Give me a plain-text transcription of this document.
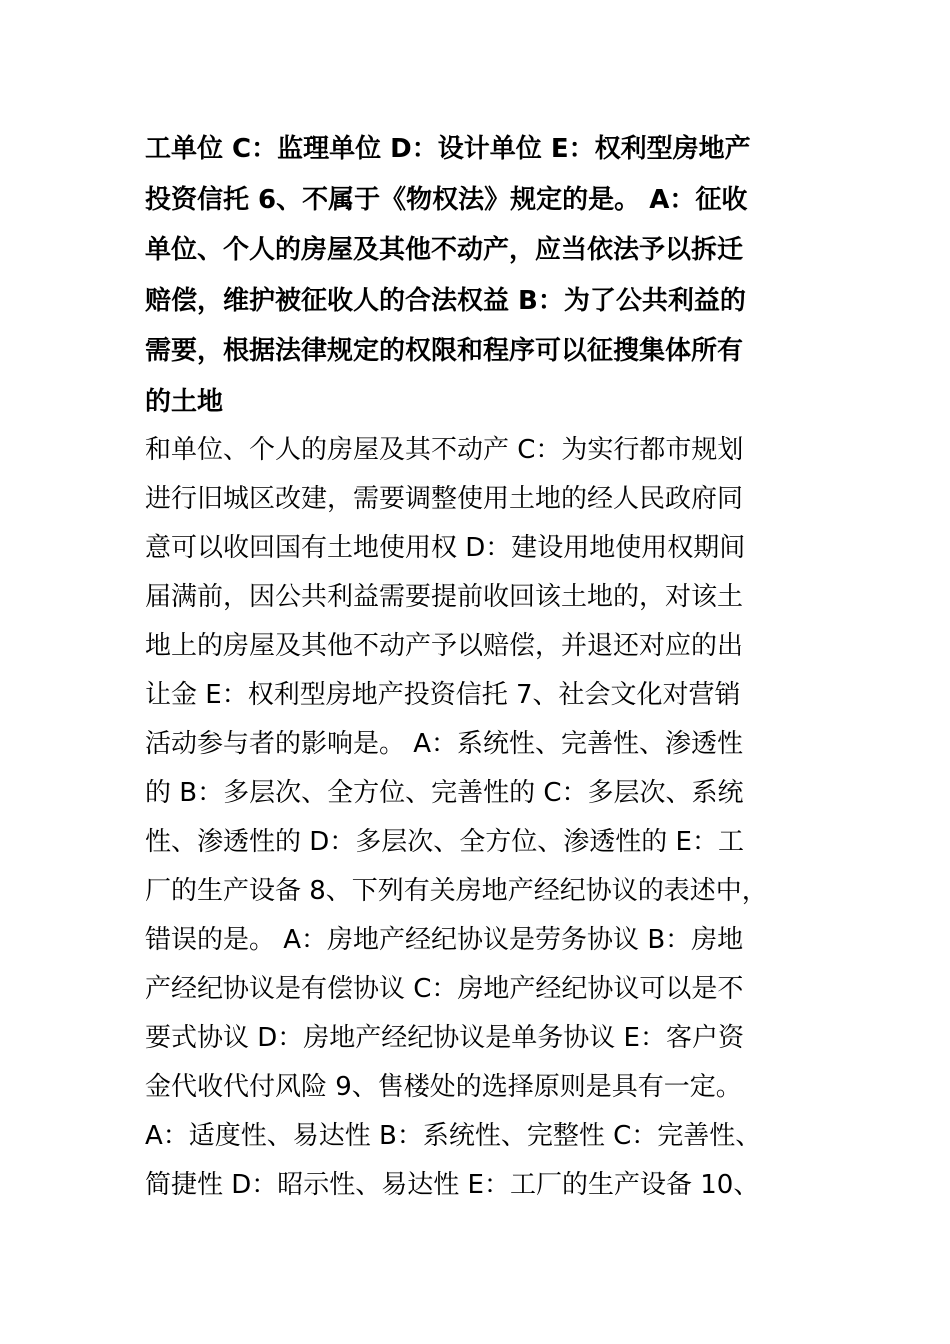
工单位 C：监理单位 D：设计单位 E：权利型房地产
投资信托 6、不属于《物权法》规定的是。 A：征收
单位、个人的房屋及其他不动产，应当依法予以拆迁
赔偿，维护被征收人的合法权益 B：为了公共利益的
需要，根据法律规定的权限和程序可以征搜集体所有
的土地
和单位、个人的房屋及其不动产 C：为实行都市规划
进行旧城区改建，需要调整使用土地的经人民政府同
意可以收回国有土地使用权 D：建设用地使用权期间
届满前，因公共利益需要提前收回该土地的，对该土
地上的房屋及其他不动产予以赔偿，并退还对应的出
让金 E：权利型房地产投资信托 7、社会文化对营销
活动参与者的影响是。 A：系统性、完善性、渗透性
的 B：多层次、全方位、完善性的 C：多层次、系统
性、渗透性的 D：多层次、全方位、渗透性的 E：工
厂的生产设备 8、下列有关房地产经纪协议的表述中，
错误的是。 A：房地产经纪协议是劳务协议 B：房地
产经纪协议是有偿协议 C：房地产经纪协议可以是不
要式协议 D：房地产经纪协议是单务协议 E：客户资
金代收代付风险 9、售楼处的选择原则是具有一定。
A：适度性、易达性 B：系统性、完整性 C：完善性、
简捷性 D：昭示性、易达性 E：工厂的生产设备 10、
